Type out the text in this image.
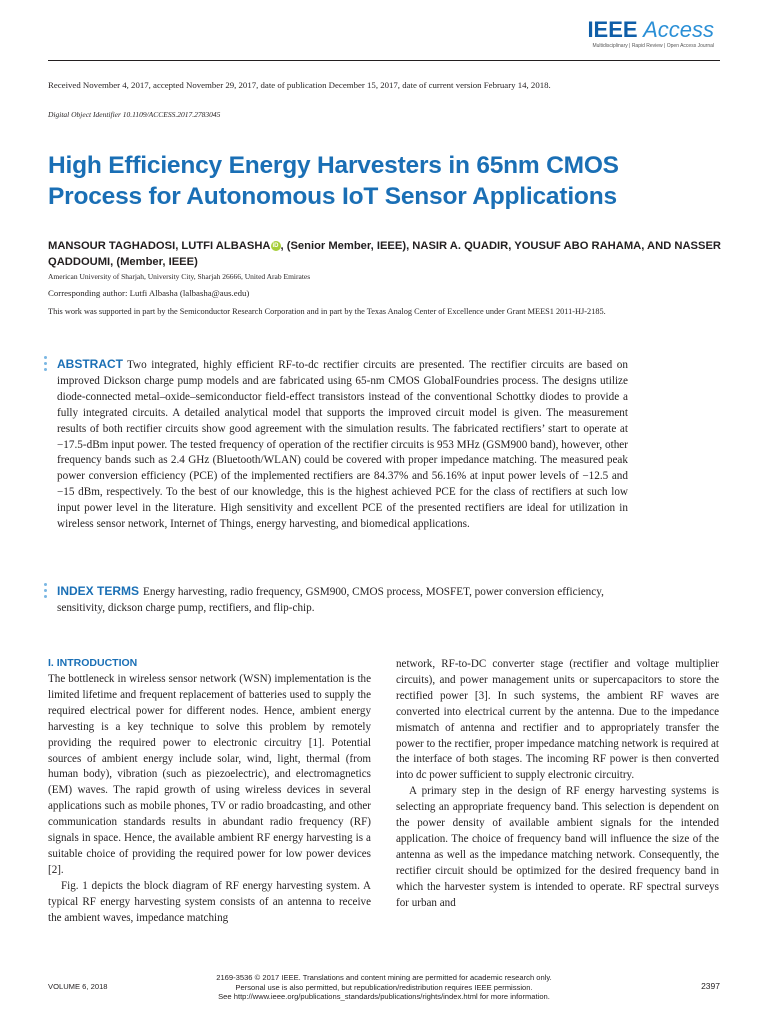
IEEE Access
Multidisciplinary | Rapid Review | Open Access Journal
Received November 4, 2017, accepted November 29, 2017, date of publication December 15, 2017, date of current version February 14, 2018.
Digital Object Identifier 10.1109/ACCESS.2017.2783045
High Efficiency Energy Harvesters in 65nm CMOS Process for Autonomous IoT Sensor Applications
MANSOUR TAGHADOSI, LUTFI ALBASHA iD , (Senior Member, IEEE), NASIR A. QUADIR, YOUSUF ABO RAHAMA, AND NASSER QADDOUMI, (Member, IEEE)
American University of Sharjah, University City, Sharjah 26666, United Arab Emirates
Corresponding author: Lutfi Albasha (lalbasha@aus.edu)
This work was supported in part by the Semiconductor Research Corporation and in part by the Texas Analog Center of Excellence under Grant MEES1 2011-HJ-2185.
ABSTRACT Two integrated, highly efficient RF-to-dc rectifier circuits are presented. The rectifier circuits are based on improved Dickson charge pump models and are fabricated using 65-nm CMOS GlobalFoundries process. The designs utilize diode-connected metal–oxide–semiconductor field-effect transistors instead of the conventional Schottky diodes to provide a fully integrated circuits. A detailed analytical model that supports the improved circuit model is given. The measurement results of both rectifier circuits show good agreement with the simulation results. The fabricated rectifiers’ start to operate at −17.5-dBm input power. The tested frequency of operation of the rectifier circuits is 953 MHz (GSM900 band), however, other frequency bands such as 2.4 GHz (Bluetooth/WLAN) could be covered with proper impedance matching. The measured peak power conversion efficiency (PCE) of the implemented rectifiers are 84.37% and 56.16% at input power levels of −12.5 and −15 dBm, respectively. To the best of our knowledge, this is the highest achieved PCE for the class of rectifiers at such low input power level in the literature. High sensitivity and excellent PCE of the presented rectifiers are ideal for utilization in wireless sensor network, Internet of Things, energy harvesting, and biomedical applications.
INDEX TERMS Energy harvesting, radio frequency, GSM900, CMOS process, MOSFET, power conversion efficiency, sensitivity, dickson charge pump, rectifiers, and flip-chip.
I. INTRODUCTION

The bottleneck in wireless sensor network (WSN) implementation is the limited lifetime and frequent replacement of batteries used to supply the required electrical power for different nodes. Hence, ambient energy harvesting is a key technique to solve this problem by remotely providing the required power to electronic circuitry [1]. Potential sources of ambient energy include solar, wind, light, thermal (from human body), vibration (such as piezoelectric), and electromagnetics (EM) waves. The rapid growth of using wireless devices in several applications such as mobile phones, TV or radio broadcasting, and other communication standards results in abundant radio frequency (RF) signals in space. Hence, the available ambient RF energy harvesting is a suitable choice of providing the required power for low power devices [2].

Fig. 1 depicts the block diagram of RF energy harvesting system. A typical RF energy harvesting system consists of an antenna to receive the ambient waves, impedance matching

network, RF-to-DC converter stage (rectifier and voltage multiplier circuits), and power management units or supercapacitors to store the rectified power [3]. In such systems, the ambient RF waves are converted into electrical current by the antenna. Due to the impedance mismatch of antenna and rectifier and to appropriately transfer the power to the rectifier, proper impedance matching network is required at the interface of both stages. The incoming RF power is then converted into dc power sufficient to supply electronic circuitry.

A primary step in the design of RF energy harvesting systems is selecting an appropriate frequency band. This selection is dependent on the power density of available ambient signals for the intended application. The choice of frequency band will influence the size of the antenna as well as the impedance matching network. Consequently, the rectifier circuit should be optimized for the desired frequency band in which the harvester system is intended to operate. RF spectral surveys for urban and

2169-3536 © 2017 IEEE. Translations and content mining are permitted for academic research only.
Personal use is also permitted, but republication/redistribution requires IEEE permission.
See http://www.ieee.org/publications_standards/publications/rights/index.html for more information.
VOLUME 6, 2018	2397
